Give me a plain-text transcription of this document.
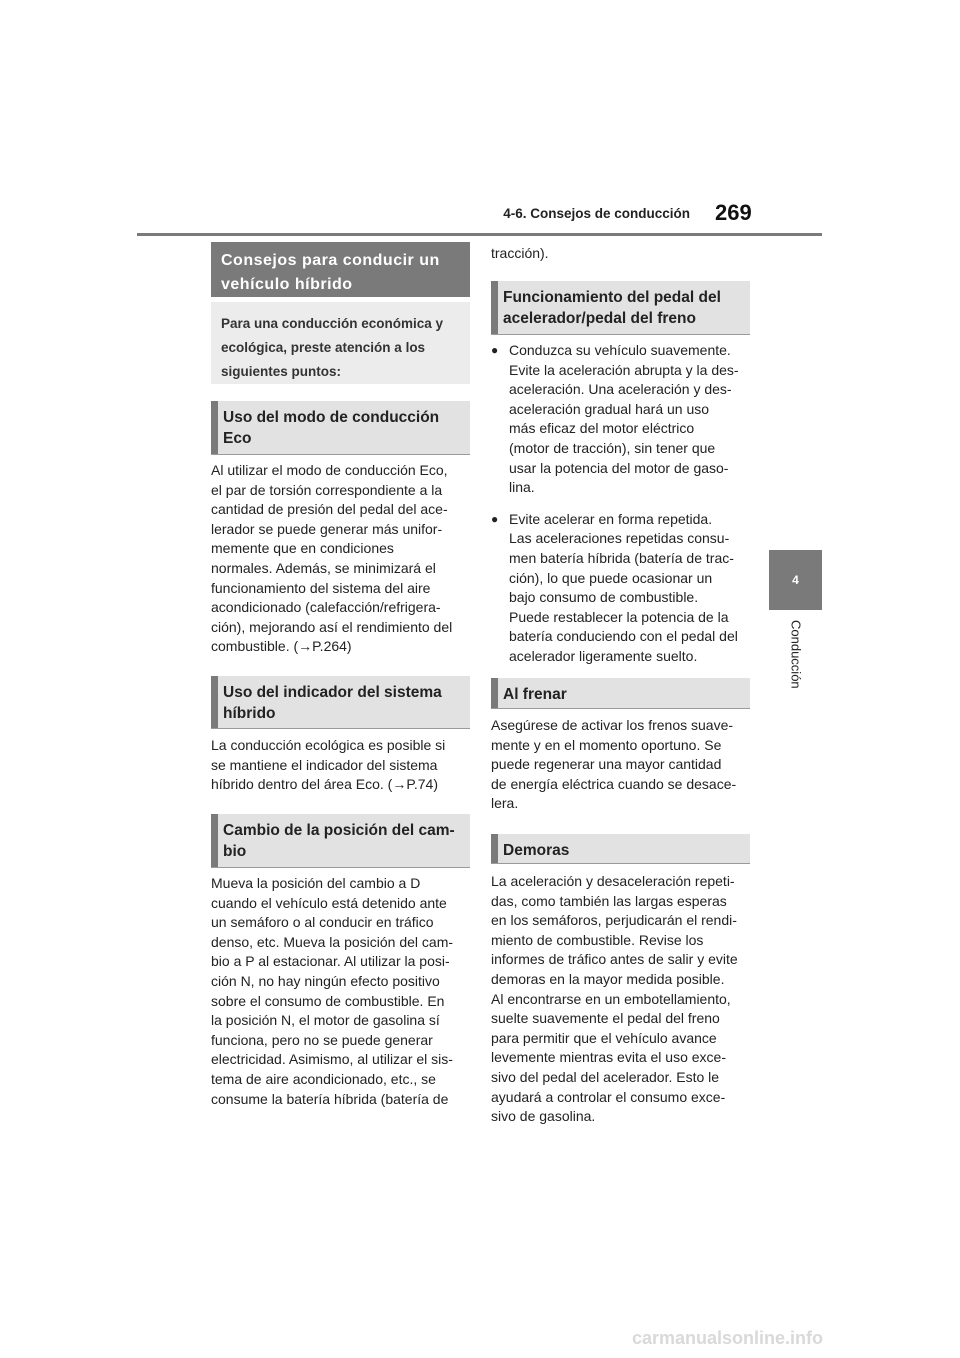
4-6. Consejos de conducción 269
4
Conducción
Consejos para conducir un vehículo híbrido
Para una conducción económica y ecológica, preste atención a los siguientes puntos:
Uso del modo de conducción Eco
Al utilizar el modo de conducción Eco,
el par de torsión correspondiente a la
cantidad de presión del pedal del ace-
lerador se puede generar más unifor-
memente que en condiciones
normales. Además, se minimizará el
funcionamiento del sistema del aire
acondicionado (calefacción/refrigera-
ción), mejorando así el rendimiento del
combustible. (→P.264)
Uso del indicador del sistema híbrido
La conducción ecológica es posible si
se mantiene el indicador del sistema
híbrido dentro del área Eco. (→P.74)
Cambio de la posición del cam-bio
Mueva la posición del cambio a D
cuando el vehículo está detenido ante
un semáforo o al conducir en tráfico
denso, etc. Mueva la posición del cam-
bio a P al estacionar. Al utilizar la posi-
ción N, no hay ningún efecto positivo
sobre el consumo de combustible. En
la posición N, el motor de gasolina sí
funciona, pero no se puede generar
electricidad. Asimismo, al utilizar el sis-
tema de aire acondicionado, etc., se
consume la batería híbrida (batería de
tracción).
Funcionamiento del pedal del acelerador/pedal del freno
● Conduzca su vehículo suavemente.
Evite la aceleración abrupta y la des-
aceleración. Una aceleración y des-
aceleración gradual hará un uso
más eficaz del motor eléctrico
(motor de tracción), sin tener que
usar la potencia del motor de gaso-
lina.
● Evite acelerar en forma repetida.
Las aceleraciones repetidas consu-
men batería híbrida (batería de trac-
ción), lo que puede ocasionar un
bajo consumo de combustible.
Puede restablecer la potencia de la
batería conduciendo con el pedal del
acelerador ligeramente suelto.
Al frenar
Asegúrese de activar los frenos suave-
mente y en el momento oportuno. Se
puede regenerar una mayor cantidad
de energía eléctrica cuando se desace-
lera.
Demoras
La aceleración y desaceleración repeti-
das, como también las largas esperas
en los semáforos, perjudicarán el rendi-
miento de combustible. Revise los
informes de tráfico antes de salir y evite
demoras en la mayor medida posible.
Al encontrarse en un embotellamiento,
suelte suavemente el pedal del freno
para permitir que el vehículo avance
levemente mientras evita el uso exce-
sivo del pedal del acelerador. Esto le
ayudará a controlar el consumo exce-
sivo de gasolina.
carmanualsonline.info
